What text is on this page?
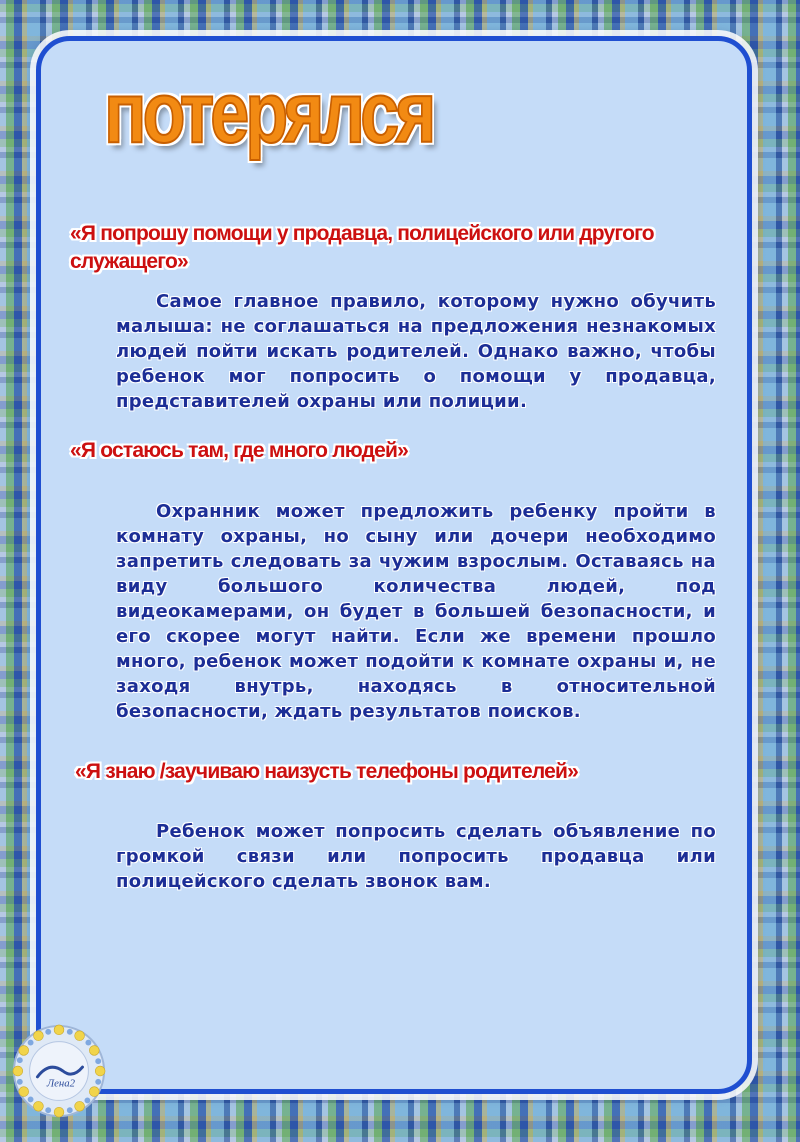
потерялся
«Я попрошу помощи у продавца, полицейского или другого служащего»

Самое главное правило, которому нужно обучить малыша: не соглашаться на предложения незнакомых людей пойти искать родителей. Однако важно, чтобы ребенок мог попросить о помощи у продавца, представителей охраны или полиции.

«Я остаюсь там, где много людей»

Охранник может предложить ребенку пройти в комнату охраны, но сыну или дочери необходимо запретить следовать за чужим взрослым. Оставаясь на виду большого количества людей, под видеокамерами, он будет в большей безопасности, и его скорее могут найти. Если же времени прошло много, ребенок может подойти к комнате охраны и, не заходя внутрь, находясь в относительной безопасности, ждать результатов поисков.

«Я знаю /заучиваю наизусть телефоны родителей»

Ребенок может попросить сделать объявление по громкой связи или попросить продавца или полицейского сделать звонок вам.

Лена2
